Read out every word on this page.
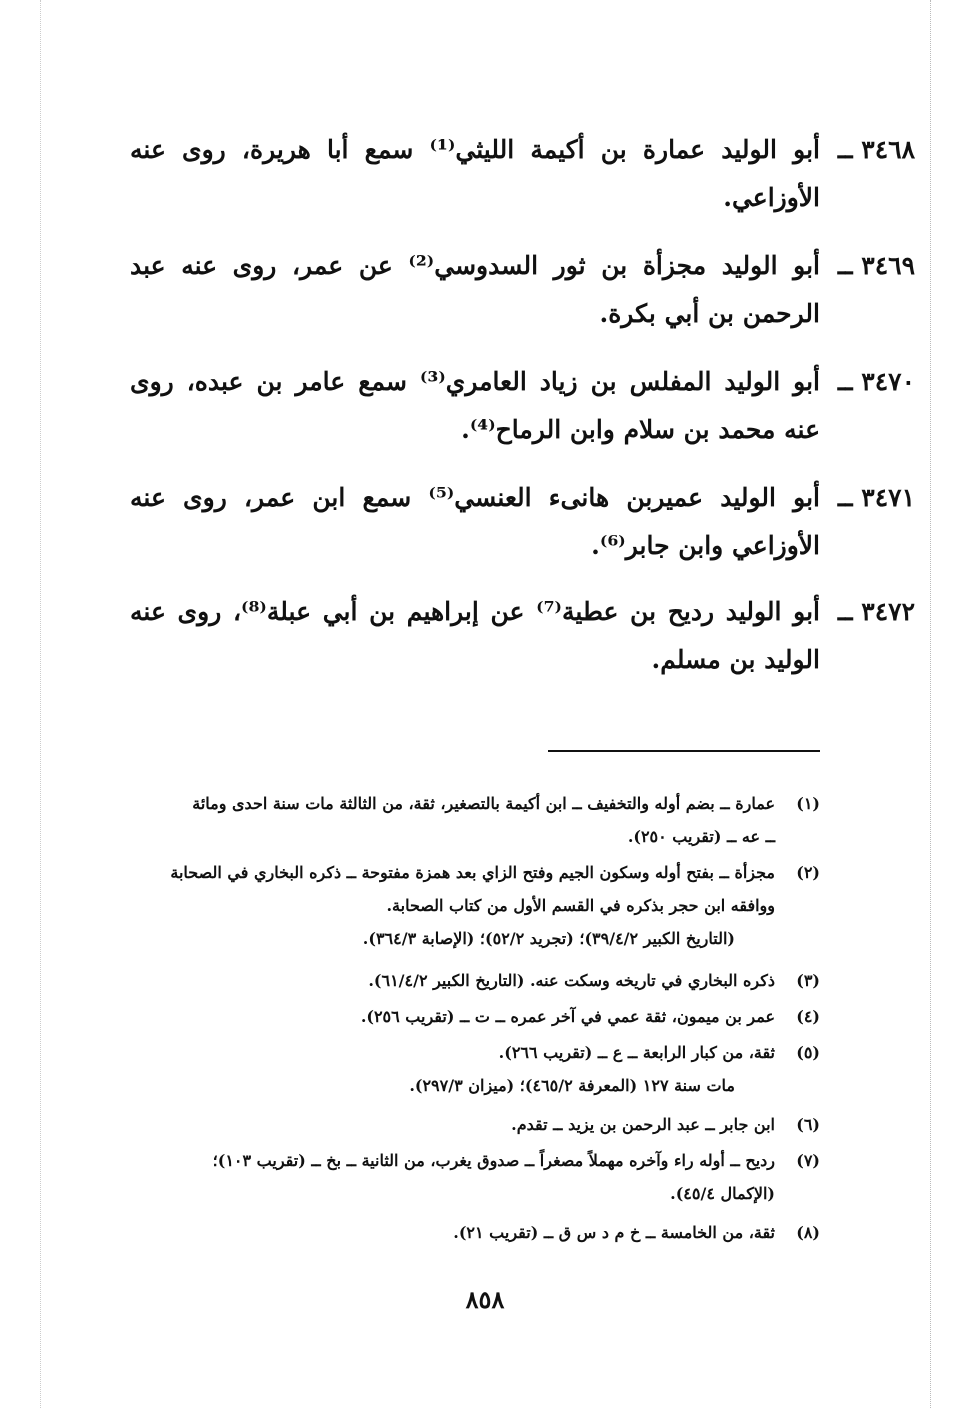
٣٤٦٨ ــ
أبو الوليد عمارة بن أكيمة الليثي⁽¹⁾ سمع أبا هريرة، روى عنه الأوزاعي.
٣٤٦٩ ــ
أبو الوليد مجزأة بن ثور السدوسي⁽²⁾ عن عمر، روى عنه عبد الرحمن بن أبي بكرة.
٣٤٧٠ ــ
أبو الوليد المفلس بن زياد العامري⁽³⁾ سمع عامر بن عبده، روى عنه محمد بن سلام وابن الرماح⁽⁴⁾.
٣٤٧١ ــ
أبو الوليد عميربن هانىء العنسي⁽⁵⁾ سمع ابن عمر، روى عنه الأوزاعي وابن جابر⁽⁶⁾.
٣٤٧٢ ــ
أبو الوليد رديح بن عطية⁽⁷⁾ عن إبراهيم بن أبي عبلة⁽⁸⁾، روى عنه الوليد بن مسلم.
(١)
عمارة ــ بضم أوله والتخفيف ــ ابن أكيمة بالتصغير، ثقة، من الثالثة مات سنة احدى ومائة
ــ عه ــ (تقريب ٢٥٠).
(٢)
مجزأة ــ بفتح أوله وسكون الجيم وفتح الزاي بعد همزة مفتوحة ــ ذكره البخاري في الصحابة
ووافقه ابن حجر بذكره في القسم الأول من كتاب الصحابة.

(التاريخ الكبير ٣٩/٤/٢)؛ (تجريد ٥٢/٢)؛ (الإصابة ٣٦٤/٣).
(٣)
ذكره البخاري في تاريخه وسكت عنه. (التاريخ الكبير ٦١/٤/٢).
(٤)
عمر بن ميمون، ثقة عمي في آخر عمره ــ ت ــ (تقريب ٢٥٦).
(٥)
ثقة، من كبار الرابعة ــ ع ــ (تقريب ٢٦٦).

مات سنة ١٢٧ (المعرفة ٤٦٥/٢)؛ (ميزان ٢٩٧/٣).
(٦)
ابن جابر ــ عبد الرحمن بن يزيد ــ تقدم.
(٧)
رديح ــ أوله راء وآخره مهملاً مصغراً ــ صدوق يغرب، من الثانية ــ بخ ــ (تقريب ١٠٣)؛
(الإكمال ٤٥/٤).
(٨)
ثقة، من الخامسة ــ خ م د س ق ــ (تقريب ٢١).
٨٥٨
